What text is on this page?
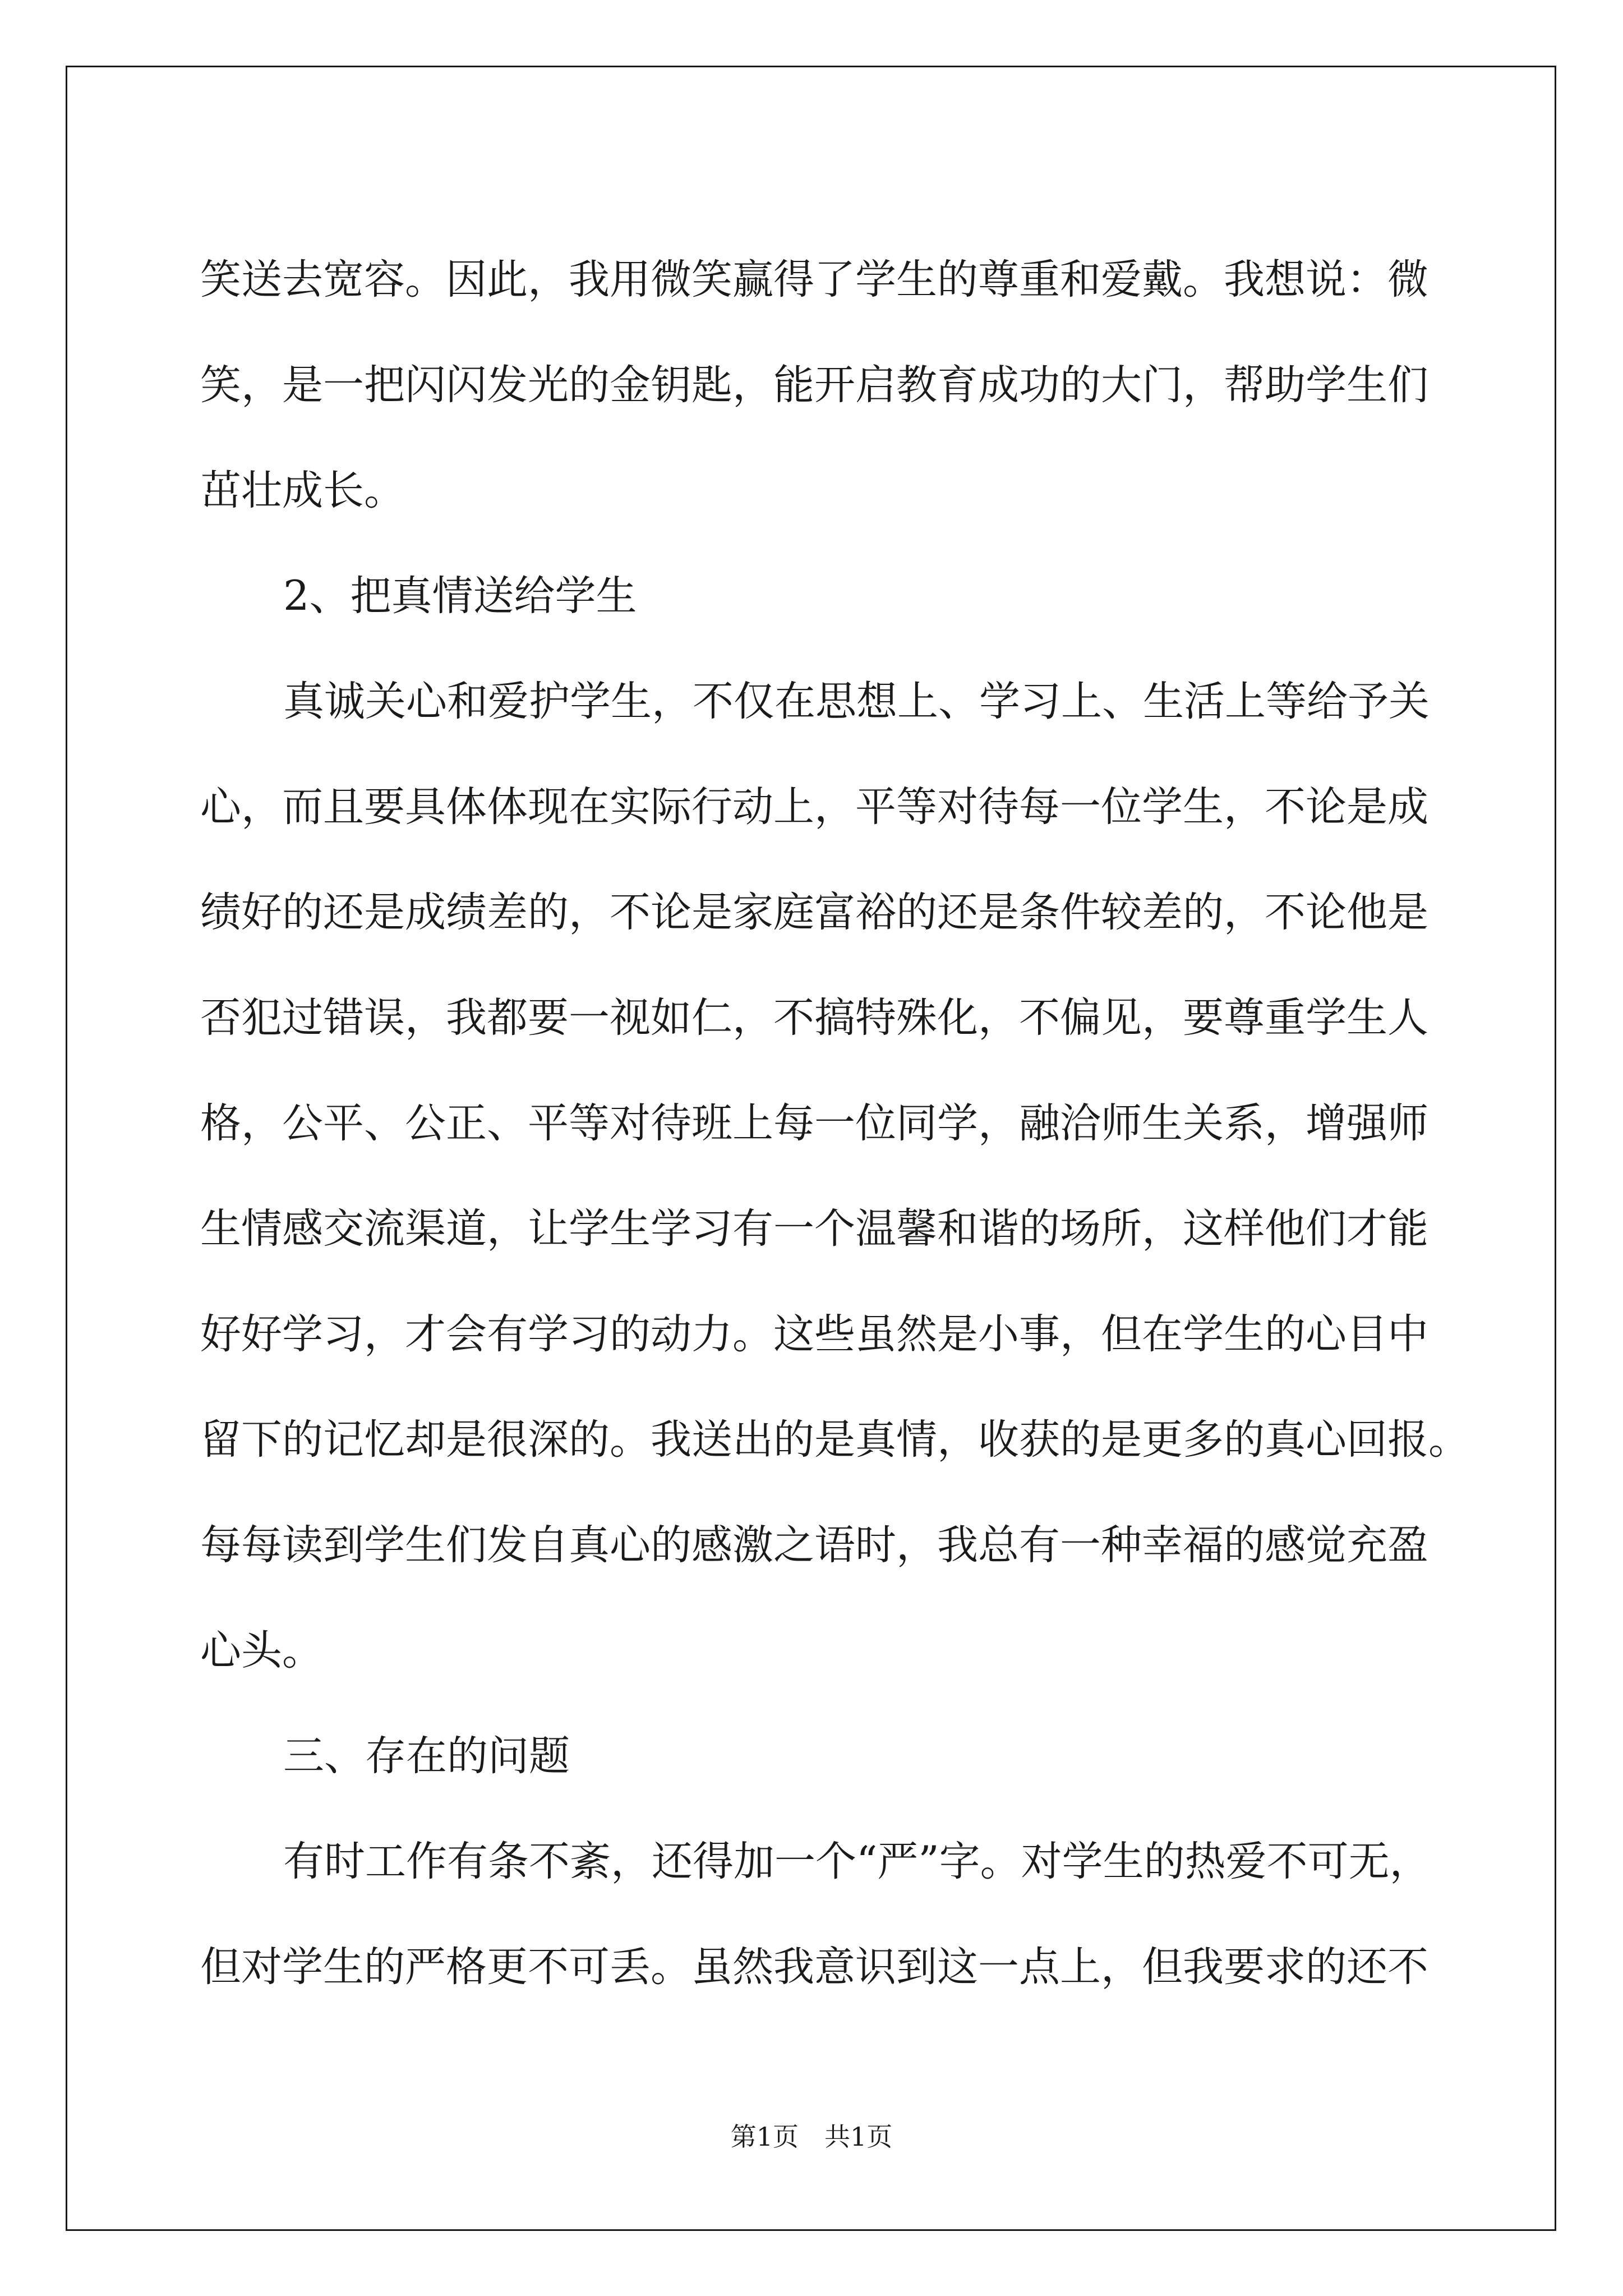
笑送去宽容。因此，我用微笑赢得了学生的尊重和爱戴。我想说：微
笑，是一把闪闪发光的金钥匙，能开启教育成功的大门，帮助学生们
茁壮成长。
2、把真情送给学生
真诚关心和爱护学生，不仅在思想上、学习上、生活上等给予关
心，而且要具体体现在实际行动上，平等对待每一位学生，不论是成
绩好的还是成绩差的，不论是家庭富裕的还是条件较差的，不论他是
否犯过错误，我都要一视如仁，不搞特殊化，不偏见，要尊重学生人
格，公平、公正、平等对待班上每一位同学，融洽师生关系，增强师
生情感交流渠道，让学生学习有一个温馨和谐的场所，这样他们才能
好好学习，才会有学习的动力。这些虽然是小事，但在学生的心目中
留下的记忆却是很深的。我送出的是真情，收获的是更多的真心回报。
每每读到学生们发自真心的感激之语时，我总有一种幸福的感觉充盈
心头。
三、存在的问题
有时工作有条不紊，还得加一个“严”字。对学生的热爱不可无，
但对学生的严格更不可丢。虽然我意识到这一点上，但我要求的还不
第1页　共1页
